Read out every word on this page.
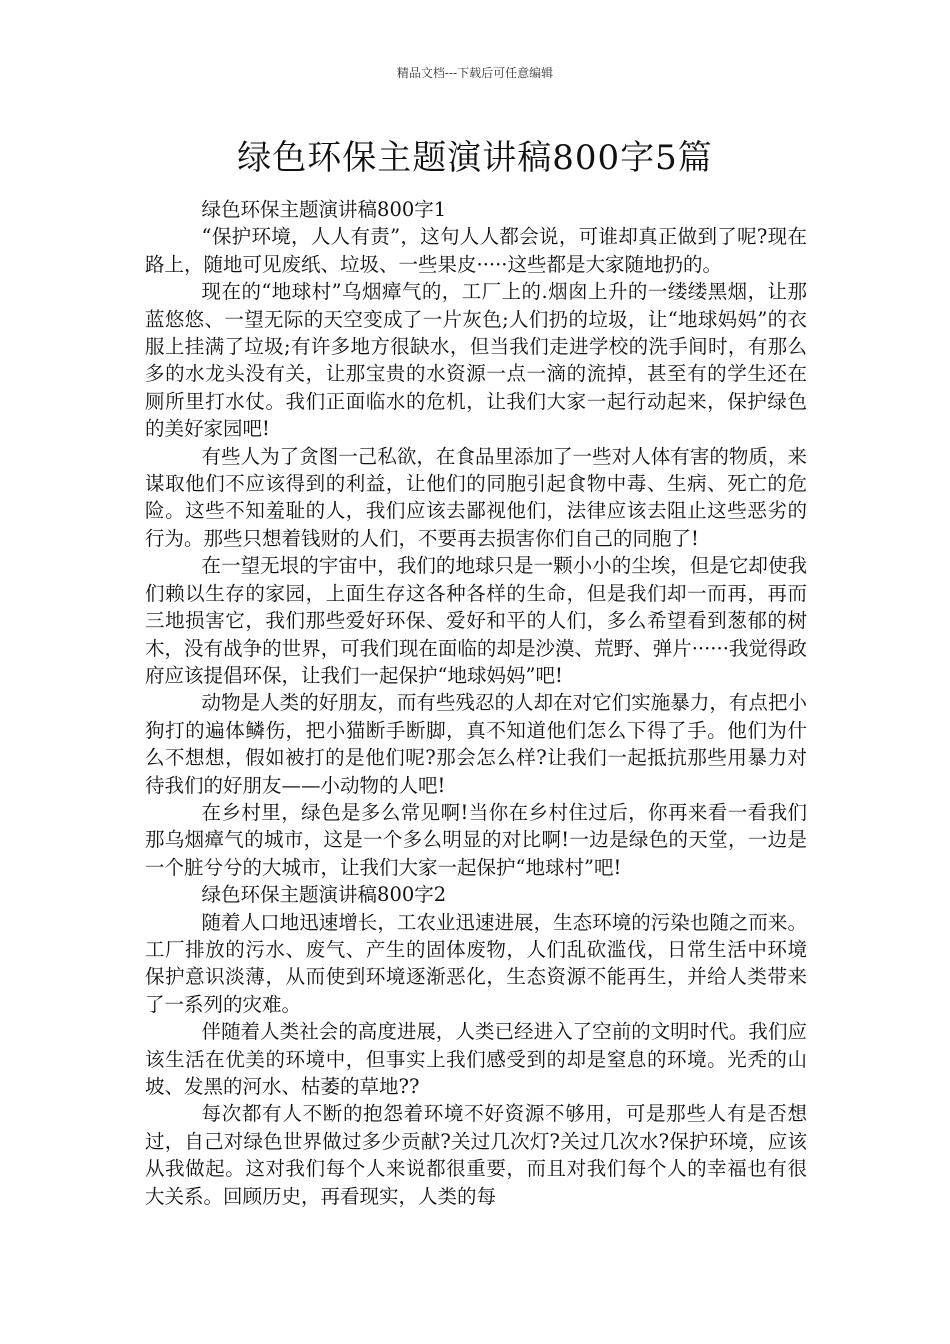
精品文档---下载后可任意编辑
绿色环保主题演讲稿800字5篇

绿色环保主题演讲稿800字1

“保护环境，人人有责”，这句人人都会说，可谁却真正做到了呢?现在路上，随地可见废纸、垃圾、一些果皮·····这些都是大家随地扔的。

现在的“地球村”乌烟瘴气的，工厂上的.烟囱上升的一缕缕黑烟，让那蓝悠悠、一望无际的天空变成了一片灰色;人们扔的垃圾，让“地球妈妈”的衣服上挂满了垃圾;有许多地方很缺水，但当我们走进学校的洗手间时，有那么多的水龙头没有关，让那宝贵的水资源一点一滴的流掉，甚至有的学生还在厕所里打水仗。我们正面临水的危机，让我们大家一起行动起来，保护绿色的美好家园吧!

有些人为了贪图一己私欲，在食品里添加了一些对人体有害的物质，来谋取他们不应该得到的利益，让他们的同胞引起食物中毒、生病、死亡的危险。这些不知羞耻的人，我们应该去鄙视他们，法律应该去阻止这些恶劣的行为。那些只想着钱财的人们，不要再去损害你们自己的同胞了!

在一望无垠的宇宙中，我们的地球只是一颗小小的尘埃，但是它却使我们赖以生存的家园，上面生存这各种各样的生命，但是我们却一而再，再而三地损害它，我们那些爱好环保、爱好和平的人们，多么希望看到葱郁的树木，没有战争的世界，可我们现在面临的却是沙漠、荒野、弹片······我觉得政府应该提倡环保，让我们一起保护“地球妈妈”吧!

动物是人类的好朋友，而有些残忍的人却在对它们实施暴力，有点把小狗打的遍体鳞伤，把小猫断手断脚，真不知道他们怎么下得了手。他们为什么不想想，假如被打的是他们呢?那会怎么样?让我们一起抵抗那些用暴力对待我们的好朋友——小动物的人吧!

在乡村里，绿色是多么常见啊!当你在乡村住过后，你再来看一看我们那乌烟瘴气的城市，这是一个多么明显的对比啊!一边是绿色的天堂，一边是一个脏兮兮的大城市，让我们大家一起保护“地球村”吧!

绿色环保主题演讲稿800字2

随着人口地迅速增长，工农业迅速进展，生态环境的污染也随之而来。工厂排放的污水、废气、产生的固体废物，人们乱砍滥伐，日常生活中环境保护意识淡薄，从而使到环境逐渐恶化，生态资源不能再生，并给人类带来了一系列的灾难。

伴随着人类社会的高度进展，人类已经进入了空前的文明时代。我们应该生活在优美的环境中，但事实上我们感受到的却是窒息的环境。光秃的山坡、发黑的河水、枯萎的草地??

每次都有人不断的抱怨着环境不好资源不够用，可是那些人有是否想过，自己对绿色世界做过多少贡献?关过几次灯?关过几次水?保护环境，应该从我做起。这对我们每个人来说都很重要，而且对我们每个人的幸福也有很大关系。回顾历史，再看现实，人类的每
